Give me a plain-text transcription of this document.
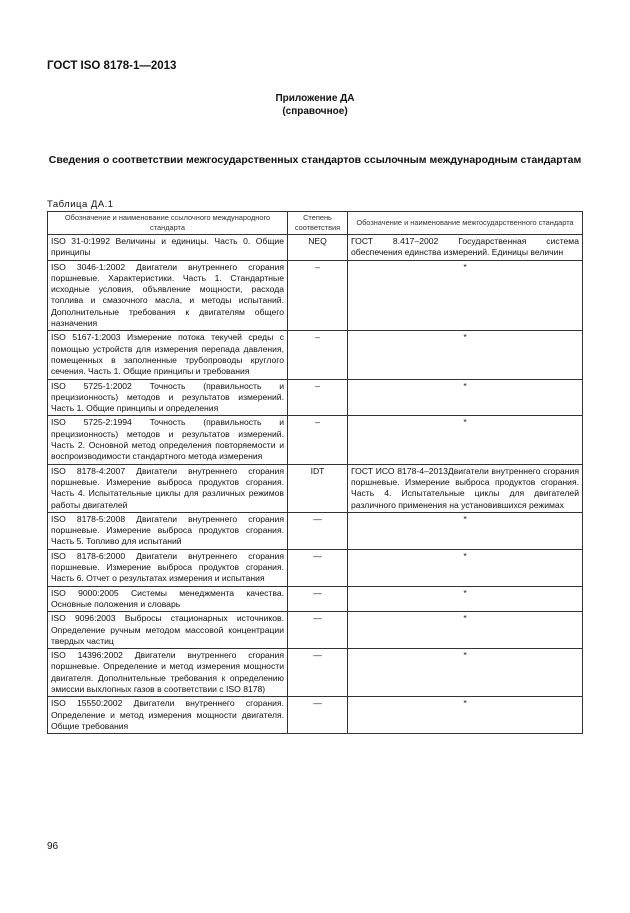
ГОСТ ISO 8178-1—2013
Приложение ДА
(справочное)
Сведения о соответствии межгосударственных стандартов ссылочным международным стандартам
Таблица ДА.1
Обозначение и наименование ссылочного международного стандарта	Степень соответствия	Обозначение и наименование межгосударственного стандарта
ISO 31-0:1992 Величины и единицы. Часть 0. Общие принципы	NEQ	ГОСТ 8.417–2002 Государственная система обеспечения единства измерений. Единицы величин
ISO 3046-1:2002 Двигатели внутреннего сгорания поршневые. Характеристики. Часть 1. Стандартные исходные условия, объявление мощности, расхода топлива и смазочного масла, и методы испытаний. Дополнительные требования к двигателям общего назначения	–	*
ISO 5167-1:2003 Измерение потока текучей среды с помощью устройств для измерения перепада давления, помещенных в заполненные трубопроводы круглого сечения. Часть 1. Общие принципы и требования	–	*
ISO 5725-1:2002 Точность (правильность и прецизионность) методов и результатов измерений. Часть 1. Общие принципы и определения	–	*
ISO 5725-2:1994 Точность (правильность и прецизионность) методов и результатов измерений. Часть 2. Основной метод определения повторяемости и воспроизводимости стандартного метода измерения	–	*
ISO 8178-4:2007 Двигатели внутреннего сгорания поршневые. Измерение выброса продуктов сгорания. Часть 4. Испытательные циклы для различных режимов работы двигателей	IDT	ГОСТ ИСО 8178-4–2013Двигатели внутреннего сгорания поршневые. Измерение выброса продуктов сгорания. Часть 4. Испытательные циклы для двигателей различного применения на установившихся режимах
ISO 8178-5:2008 Двигатели внутреннего сгорания поршневые. Измерение выброса продуктов сгорания. Часть 5. Топливо для испытаний	—	*
ISO 8178-6:2000 Двигатели внутреннего сгорания поршневые. Измерение выброса продуктов сгорания. Часть 6. Отчет о результатах измерения и испытания	—	*
ISO 9000:2005 Системы менеджмента качества. Основные положения и словарь	—	*
ISO 9096:2003 Выбросы стационарных источников. Определение ручным методом массовой концентрации твердых частиц	—	*
ISO 14396:2002 Двигатели внутреннего сгорания поршневые. Определение и метод измерения мощности двигателя. Дополнительные требования к определению эмиссии выхлопных газов в соответствии с ISO 8178)	—	*
ISO 15550:2002 Двигатели внутреннего сгорания. Определение и метод измерения мощности двигателя. Общие требования	—	*
96
